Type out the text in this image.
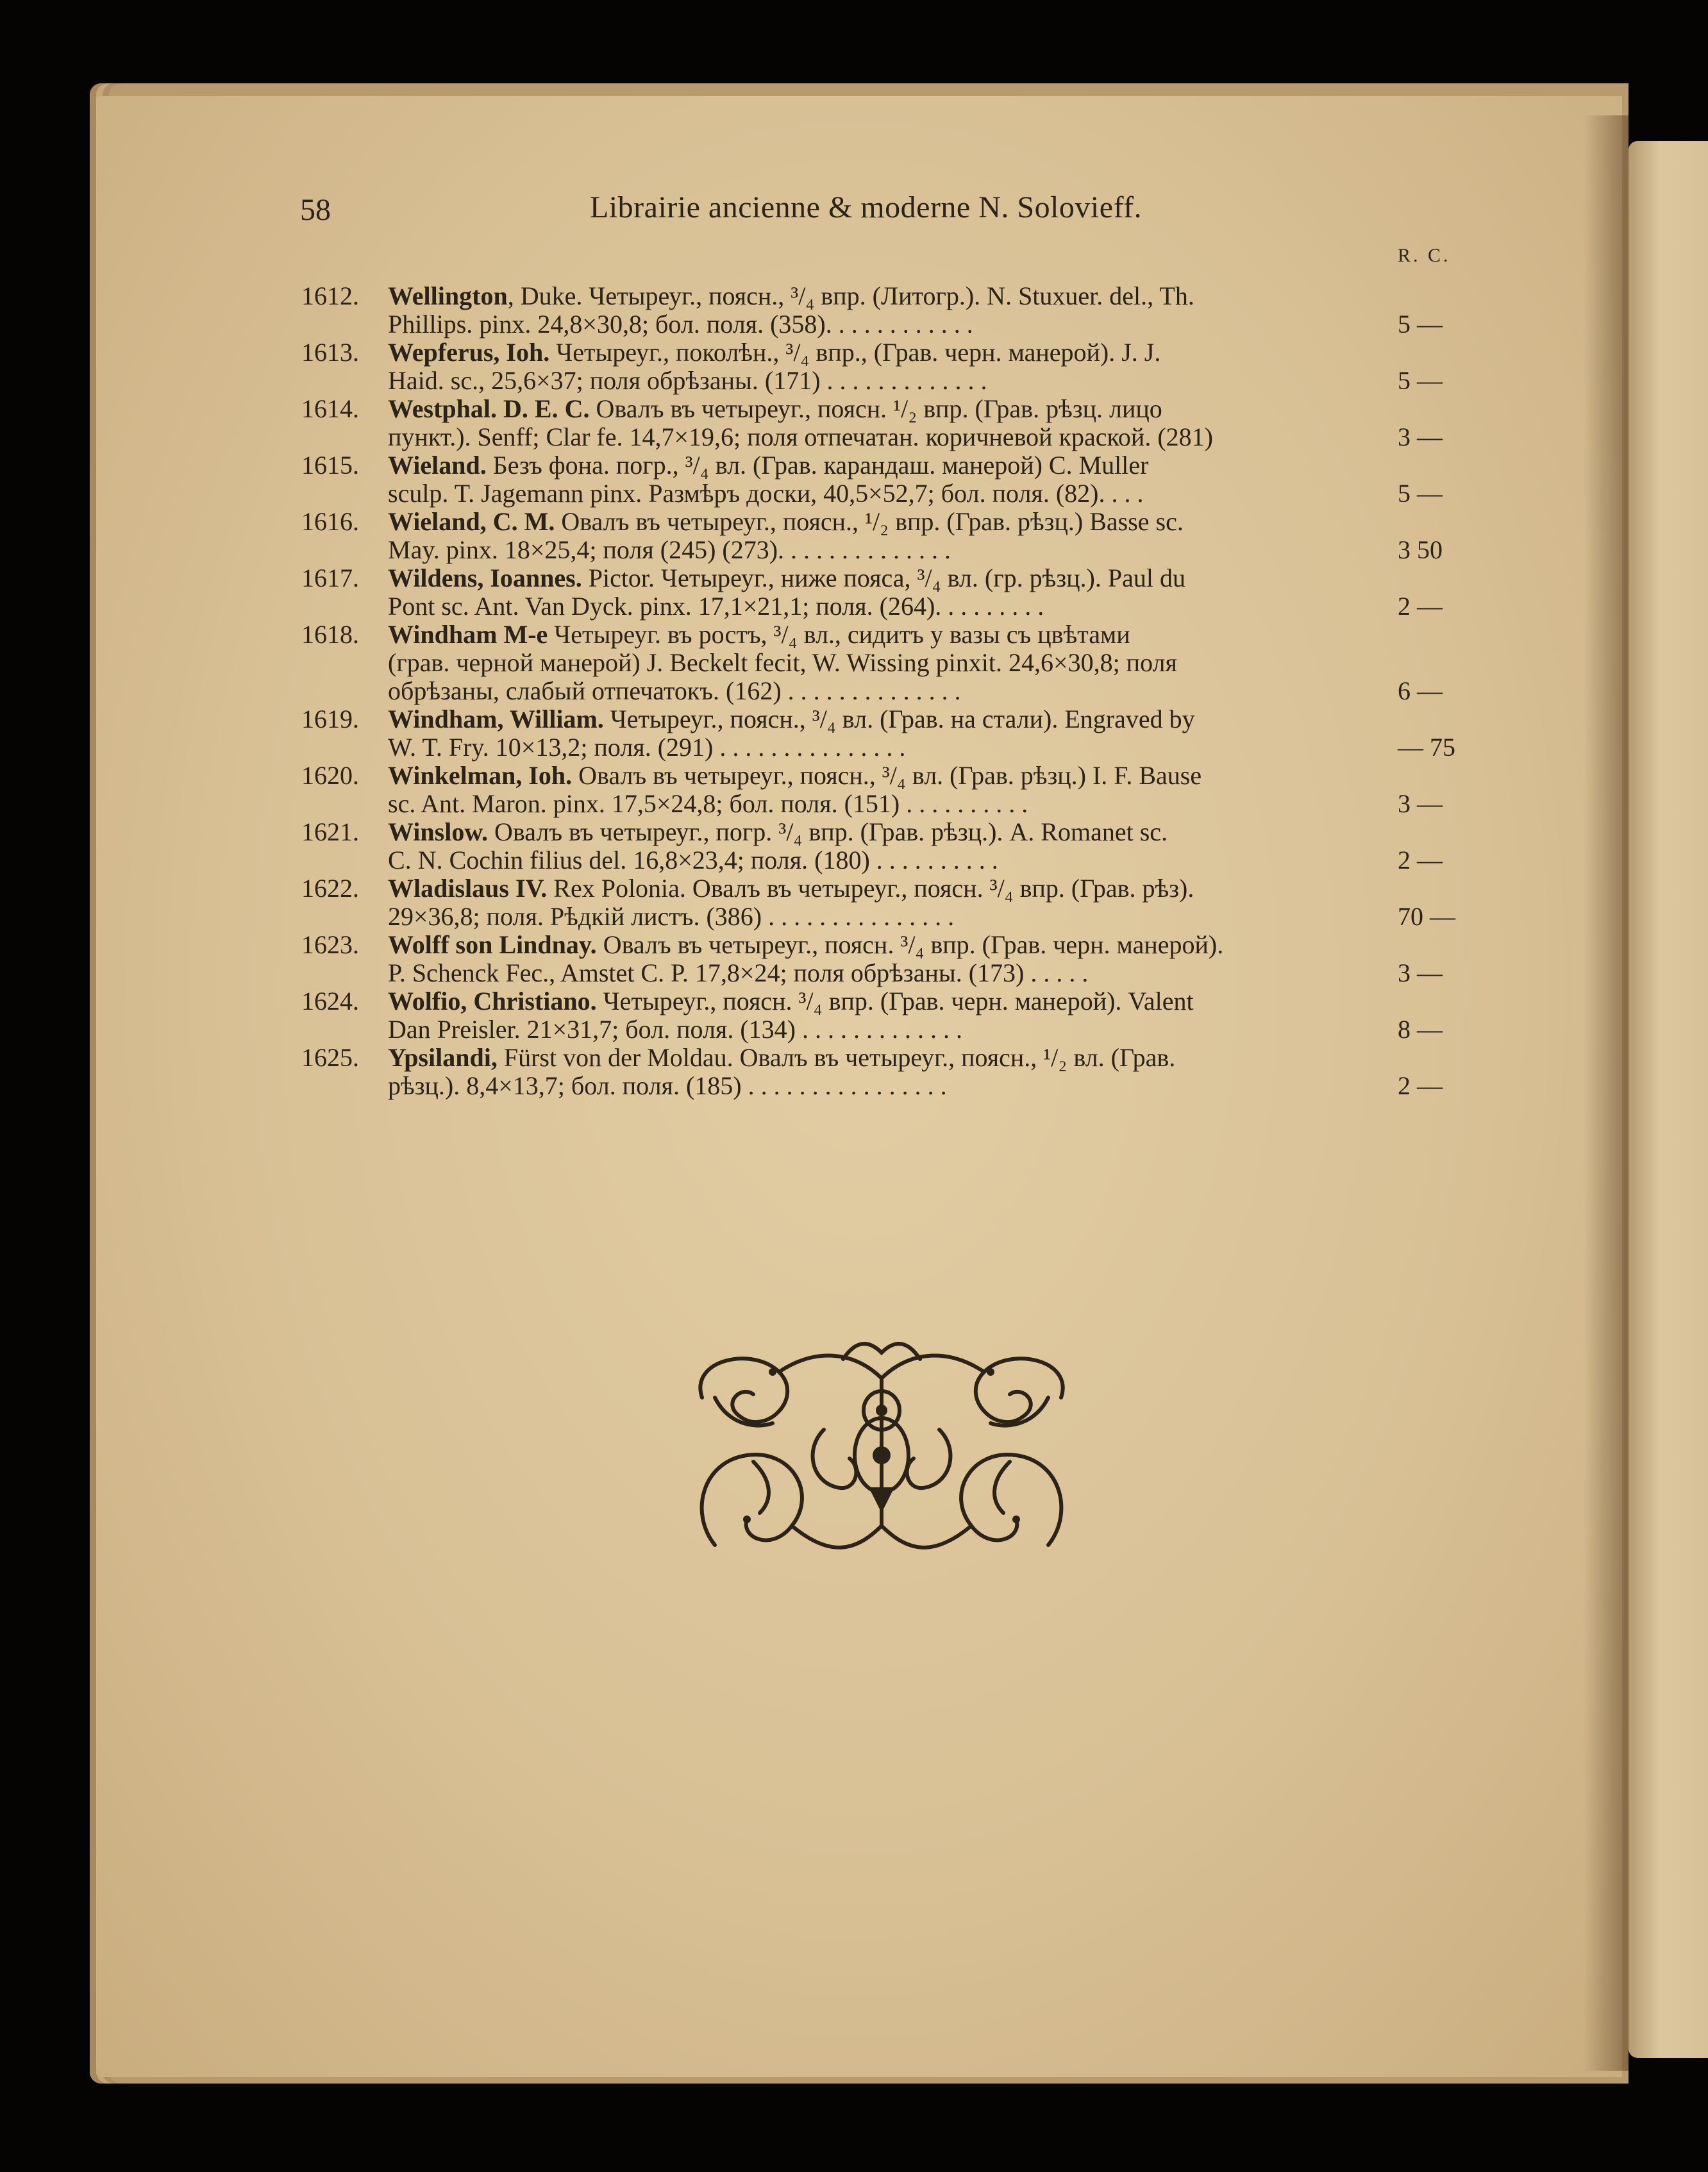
58	Librairie ancienne & moderne N. Solovieff.
R. C.
1612.	Wellington, Duke. Четыреуг., поясн., ³/₄ впр. (Литогр.). N. Stuxuer. del., Th.
Phillips. pinx. 24,8×30,8; бол. поля. (358). . . . . . . . . . . .	5 —
1613.	Wepferus, Ioh. Четыреуг., поколѣн., ³/₄ впр., (Грав. черн. манерой). J. J.
Haid. sc., 25,6×37; поля обрѣзаны. (171) . . . . . . . . . . . . .	5 —
1614.	Westphal. D. E. C. Овалъ въ четыреуг., поясн. ¹/₂ впр. (Грав. рѣзц. лицо
пункт.). Senff; Clar fe. 14,7×19,6; поля отпечатан. коричневой краской. (281)	3 —
1615.	Wieland. Безъ фона. погр., ³/₄ вл. (Грав. карандаш. манерой) C. Muller
sculp. T. Jagemann pinx. Размѣръ доски, 40,5×52,7; бол. поля. (82). . . .	5 —
1616.	Wieland, C. M. Овалъ въ четыреуг., поясн., ¹/₂ впр. (Грав. рѣзц.) Basse sc.
May. pinx. 18×25,4; поля (245) (273). . . . . . . . . . . . . .	3 50
1617.	Wildens, Ioannes. Pictor. Четыреуг., ниже пояса, ³/₄ вл. (гр. рѣзц.). Paul du
Pont sc. Ant. Van Dyck. pinx. 17,1×21,1; поля. (264). . . . . . . . .	2 —
1618.	Windham M-e Четыреуг. въ ростъ, ³/₄ вл., сидитъ у вазы съ цвѣтами
(грав. черной манерой) J. Beckelt fecit, W. Wissing pinxit. 24,6×30,8; поля
обрѣзаны, слабый отпечатокъ. (162) . . . . . . . . . . . . . .	6 —
1619.	Windham, William. Четыреуг., поясн., ³/₄ вл. (Грав. на стали). Engraved by
W. T. Fry. 10×13,2; поля. (291) . . . . . . . . . . . . . . .	— 75
1620.	Winkelman, Ioh. Овалъ въ четыреуг., поясн., ³/₄ вл. (Грав. рѣзц.) I. F. Bause
sc. Ant. Maron. pinx. 17,5×24,8; бол. поля. (151) . . . . . . . . . .	3 —
1621.	Winslow. Овалъ въ четыреуг., погр. ³/₄ впр. (Грав. рѣзц.). A. Romanet sc.
C. N. Cochin filius del. 16,8×23,4; поля. (180) . . . . . . . . . .	2 —
1622.	Wladislaus IV. Rex Polonia. Овалъ въ четыреуг., поясн. ³/₄ впр. (Грав. рѣз).
29×36,8; поля. Рѣдкій листъ. (386) . . . . . . . . . . . . . . .	70 —
1623.	Wolff son Lindnay. Овалъ въ четыреуг., поясн. ³/₄ впр. (Грав. черн. манерой).
P. Schenck Fec., Amstet C. P. 17,8×24; поля обрѣзаны. (173) . . . . .	3 —
1624.	Wolfio, Christiano. Четыреуг., поясн. ³/₄ впр. (Грав. черн. манерой). Valent
Dan Preisler. 21×31,7; бол. поля. (134) . . . . . . . . . . . . .	8 —
1625.	Ypsilandi, Fürst von der Moldau. Овалъ въ четыреуг., поясн., ¹/₂ вл. (Грав.
рѣзц.). 8,4×13,7; бол. поля. (185) . . . . . . . . . . . . . . . .	2 —
